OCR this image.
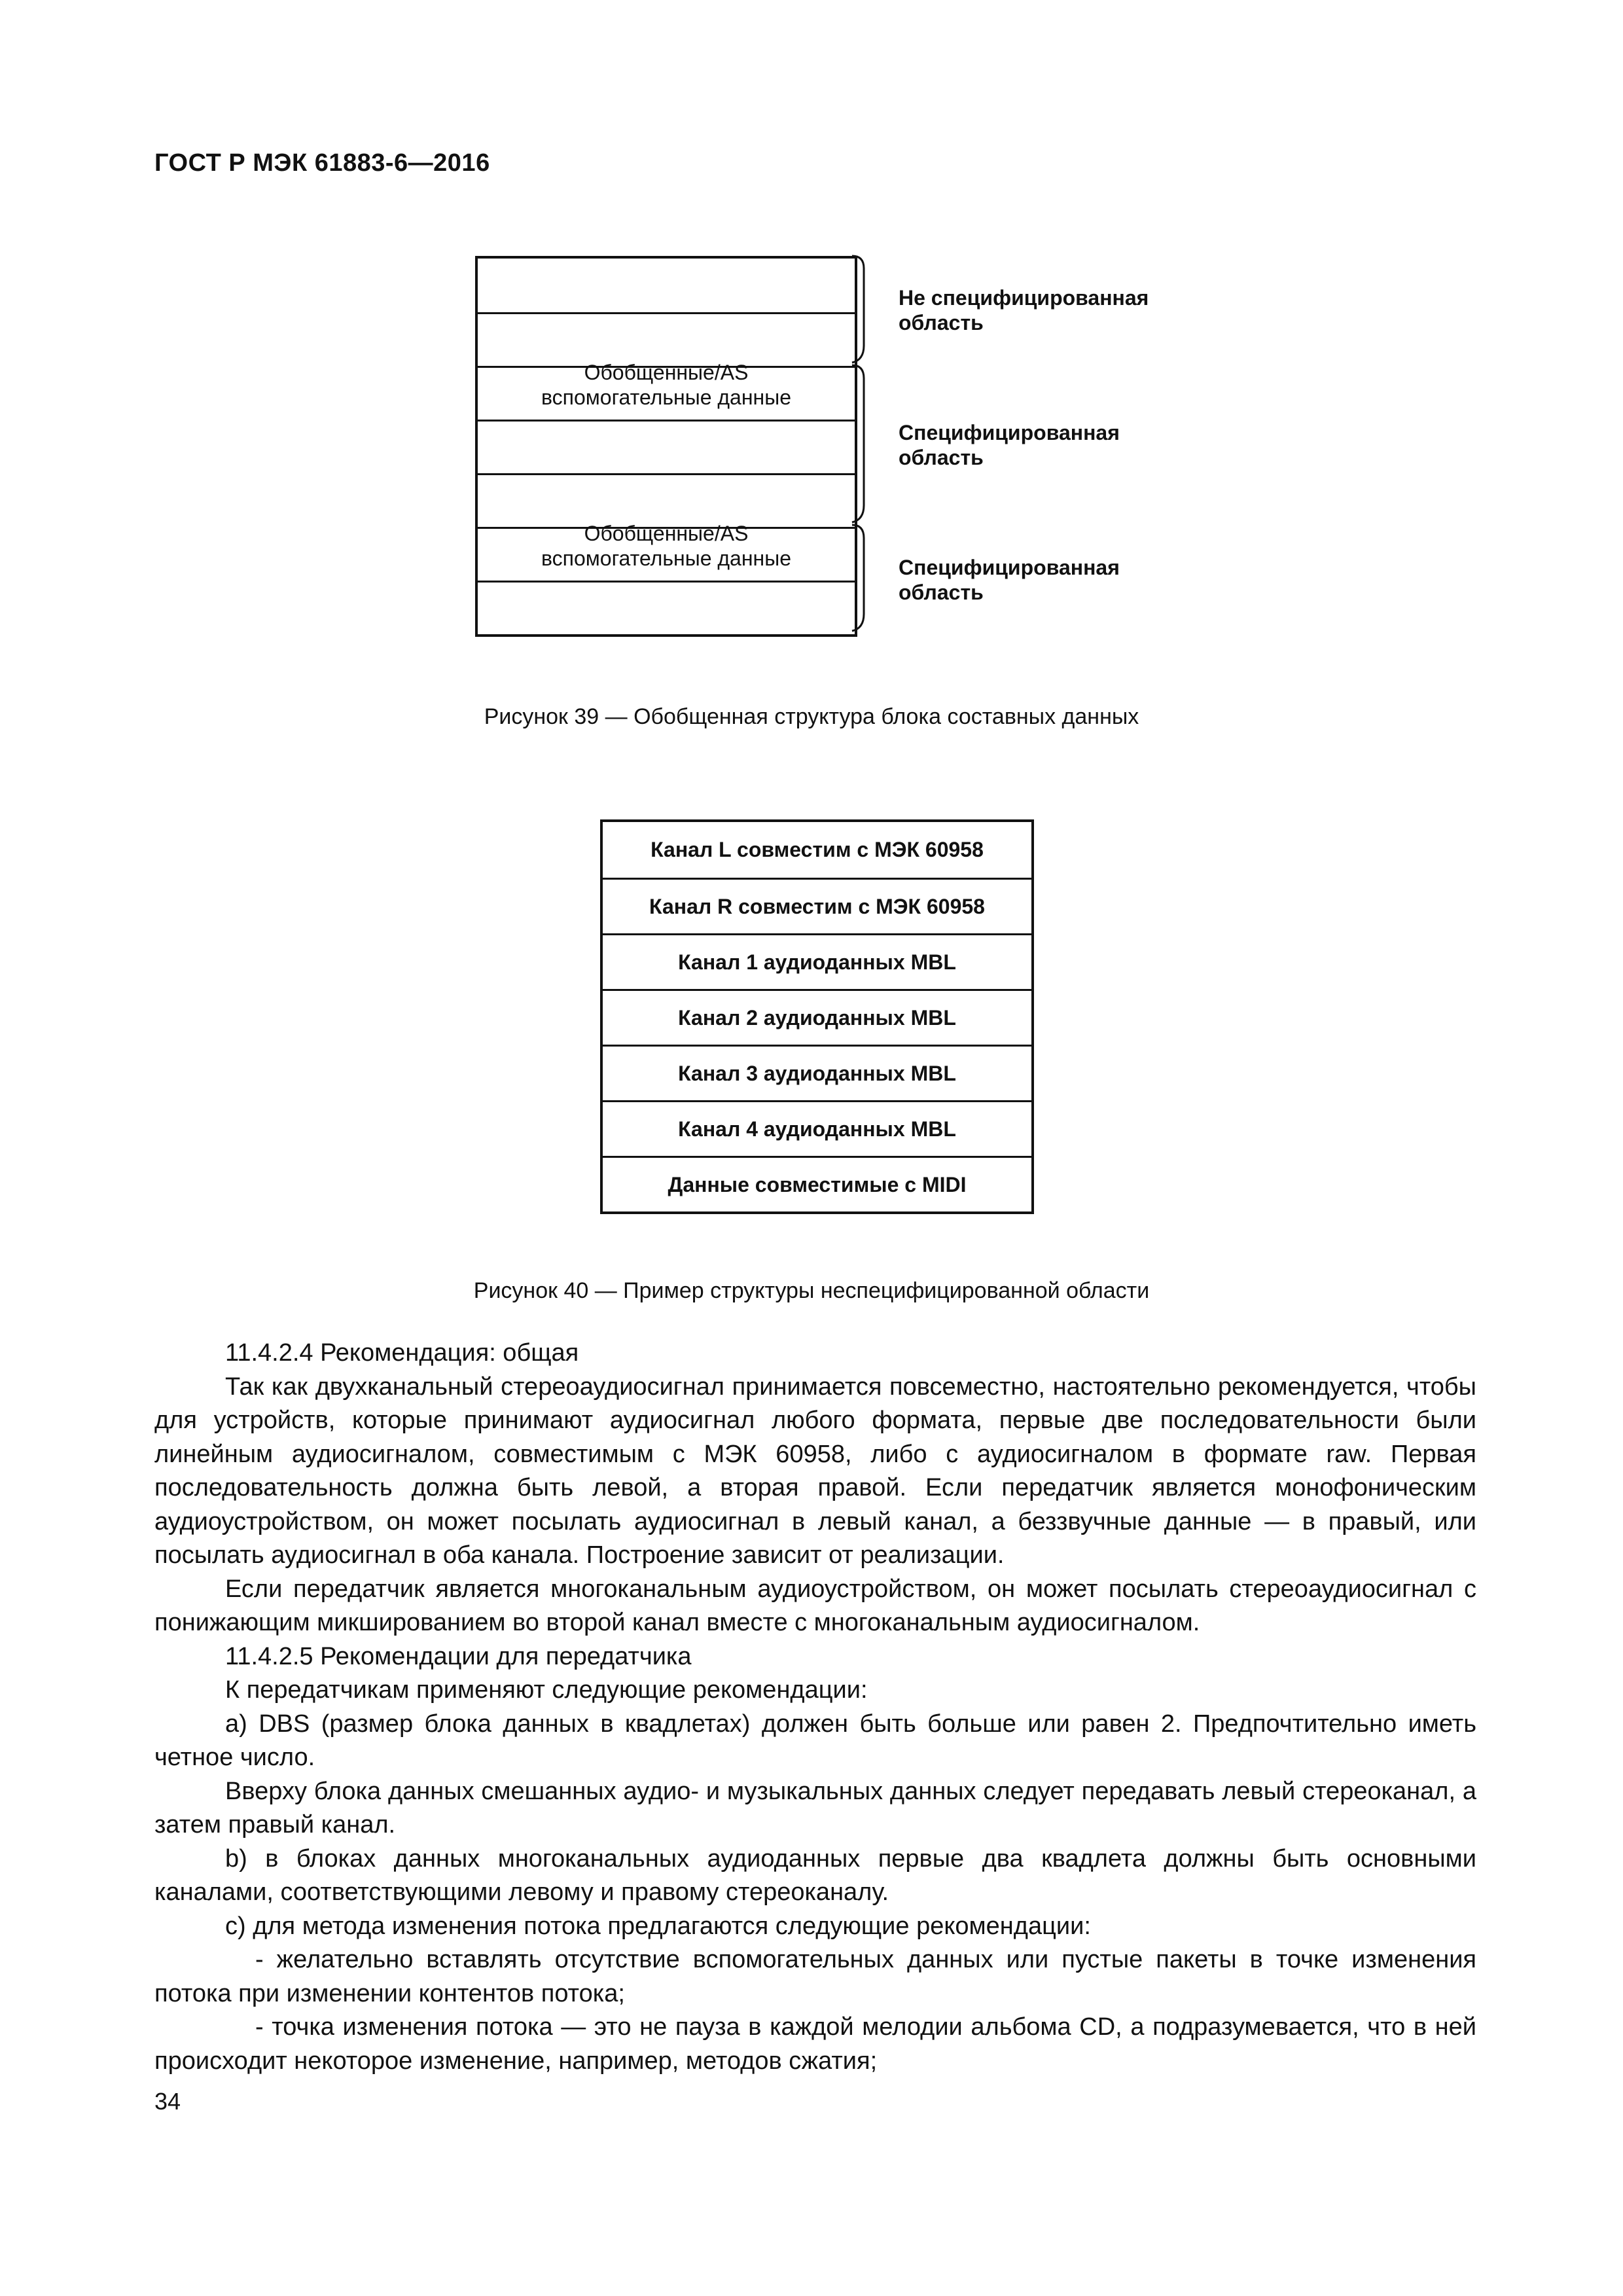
ГОСТ Р МЭК 61883-6—2016
Обобщенные/AS
вспомогательные данные
Обобщенные/AS
вспомогательные данные
Не специфицированная
область
Специфицированная
область
Специфицированная
область
Рисунок 39 — Обобщенная структура блока составных данных
Канал L совместим с МЭК 60958
Канал R совместим с МЭК 60958
Канал 1 аудиоданных MBL
Канал 2 аудиоданных MBL
Канал 3 аудиоданных MBL
Канал 4 аудиоданных MBL
Данные совместимые с MIDI
Рисунок 40 — Пример структуры неспецифицированной области

11.4.2.4 Рекомендация: общая

Так как двухканальный стереоаудиосигнал принимается повсеместно, настоятельно рекомендуется, чтобы для устройств, которые принимают аудиосигнал любого формата, первые две последовательности были линейным аудиосигналом, совместимым с МЭК 60958, либо с аудиосигналом в формате raw. Первая последовательность должна быть левой, а вторая правой. Если передатчик является монофоническим аудиоустройством, он может посылать аудиосигнал в левый канал, а беззвучные данные — в правый, или посылать аудиосигнал в оба канала. Построение зависит от реализации.

Если передатчик является многоканальным аудиоустройством, он может посылать стереоаудиосигнал с понижающим микшированием во второй канал вместе с многоканальным аудиосигналом.

11.4.2.5 Рекомендации для передатчика

К передатчикам применяют следующие рекомендации:

a) DBS (размер блока данных в квадлетах) должен быть больше или равен 2. Предпочтительно иметь четное число.

Вверху блока данных смешанных аудио- и музыкальных данных следует передавать левый стереоканал, а затем правый канал.

b) в блоках данных многоканальных аудиоданных первые два квадлета должны быть основными каналами, соответствующими левому и правому стереоканалу.

c) для метода изменения потока предлагаются следующие рекомендации:

- желательно вставлять отсутствие вспомогательных данных или пустые пакеты в точке изменения потока при изменении контентов потока;

- точка изменения потока — это не пауза в каждой мелодии альбома CD, а подразумевается, что в ней происходит некоторое изменение, например, методов сжатия;

34
